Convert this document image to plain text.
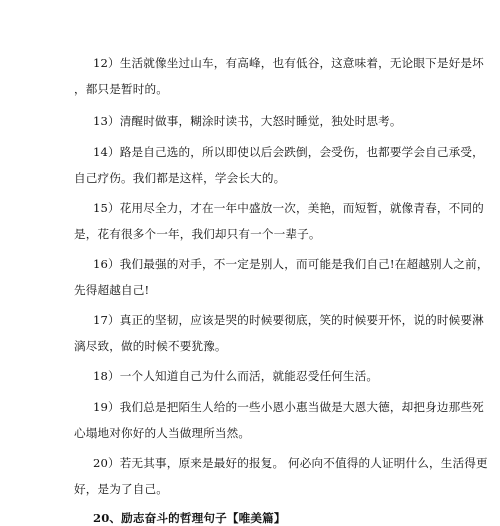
12）生活就像坐过山车，有高峰，也有低谷，这意味着，无论眼下是好是坏
，都只是暂时的。
13）清醒时做事，糊涂时读书，大怒时睡觉，独处时思考。
14）路是自己选的，所以即使以后会跌倒，会受伤，也都要学会自己承受，
自己疗伤。我们都是这样，学会长大的。
15）花用尽全力，才在一年中盛放一次，美艳，而短暂，就像青春，不同的
是，花有很多个一年，我们却只有一个一辈子。
16）我们最强的对手，不一定是别人，而可能是我们自己!在超越别人之前，
先得超越自己!
17）真正的坚韧，应该是哭的时候要彻底，笑的时候要开怀，说的时候要淋
漓尽致，做的时候不要犹豫。
18）一个人知道自己为什么而活，就能忍受任何生活。
19）我们总是把陌生人给的一些小恩小惠当做是大恩大德，却把身边那些死
心塌地对你好的人当做理所当然。
20）若无其事，原来是最好的报复。 何必向不值得的人证明什么，生活得更
好，是为了自己。
20、励志奋斗的哲理句子【唯美篇】
